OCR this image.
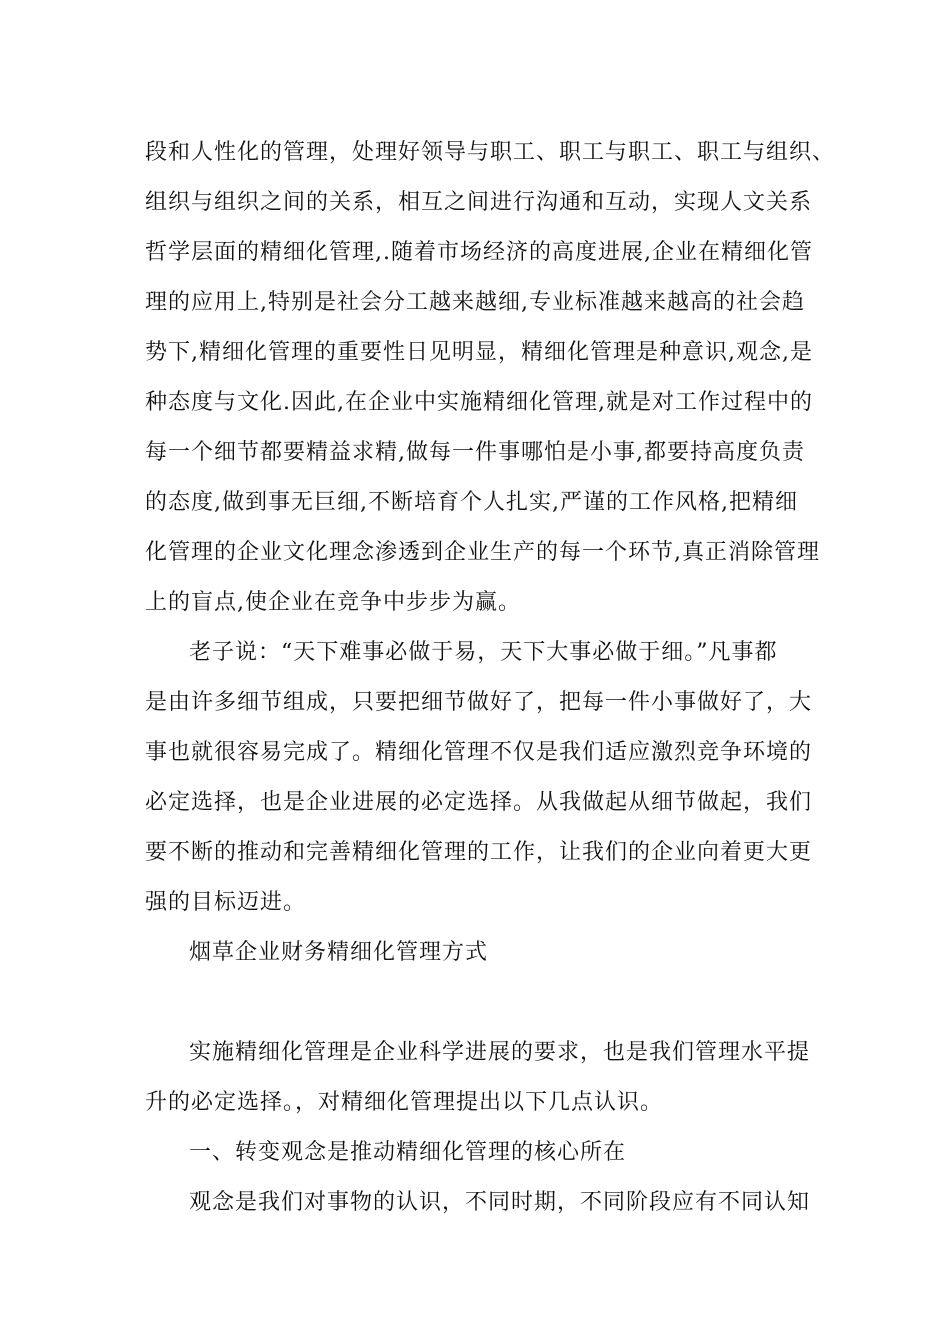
段和人性化的管理，处理好领导与职工、职工与职工、职工与组织、
组织与组织之间的关系，相互之间进行沟通和互动，实现人文关系
哲学层面的精细化管理,.随着市场经济的高度进展,企业在精细化管
理的应用上,特别是社会分工越来越细,专业标准越来越高的社会趋
势下,精细化管理的重要性日见明显，精细化管理是种意识,观念,是
种态度与文化.因此,在企业中实施精细化管理,就是对工作过程中的
每一个细节都要精益求精,做每一件事哪怕是小事,都要持高度负责
的态度,做到事无巨细,不断培育个人扎实,严谨的工作风格,把精细
化管理的企业文化理念渗透到企业生产的每一个环节,真正消除管理
上的盲点,使企业在竞争中步步为赢。
老子说：“天下难事必做于易，天下大事必做于细。”凡事都
是由许多细节组成，只要把细节做好了，把每一件小事做好了，大
事也就很容易完成了。精细化管理不仅是我们适应激烈竞争环境的
必定选择，也是企业进展的必定选择。从我做起从细节做起，我们
要不断的推动和完善精细化管理的工作，让我们的企业向着更大更
强的目标迈进。
烟草企业财务精细化管理方式
实施精细化管理是企业科学进展的要求，也是我们管理水平提
升的必定选择。，对精细化管理提出以下几点认识。
一、转变观念是推动精细化管理的核心所在
观念是我们对事物的认识，不同时期，不同阶段应有不同认知
